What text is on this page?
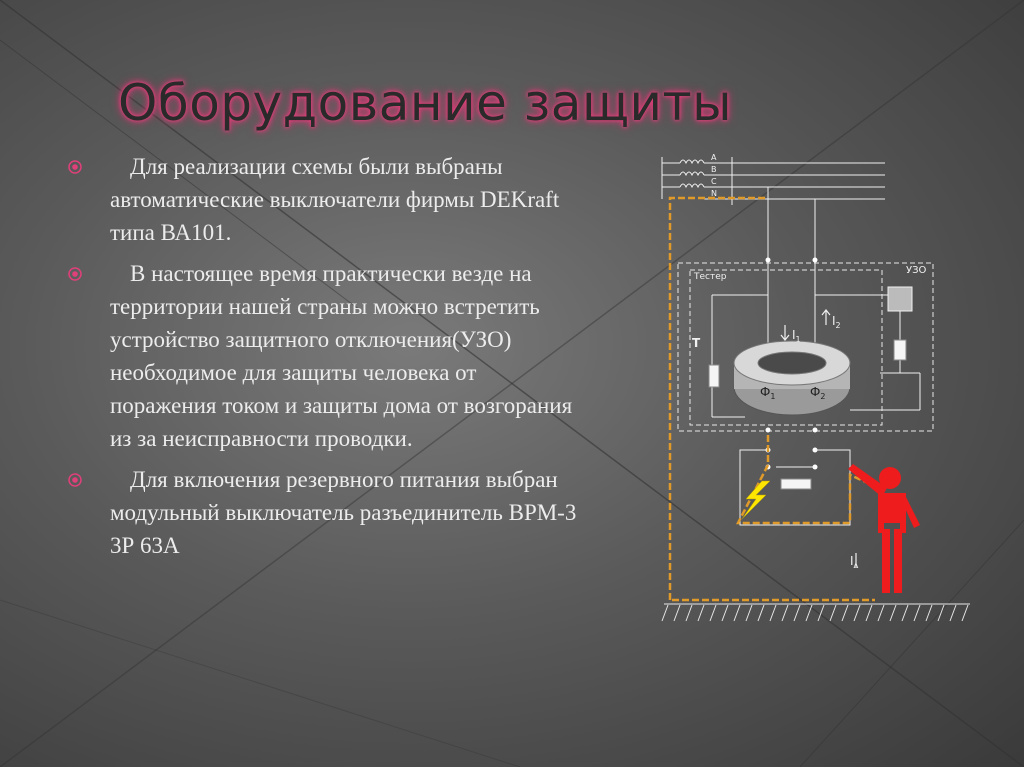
Оборудование защиты
Для реализации схемы были выбраны автоматические выключатели фирмы DEKraft типа ВА101.
В настоящее время практически везде на территории нашей страны можно встретить устройство защитного отключения(УЗО) необходимое для защиты человека от поражения током и защиты дома от возгорания из за неисправности проводки.
Для включения резервного питания выбран модульный выключатель разъединитель ВРМ-3 3Р 63А
A
B
C
N
Тестер
УЗО
T
$Ф_1$	$Ф_2$
$I_1$
$I_2$
$I_\Delta$
